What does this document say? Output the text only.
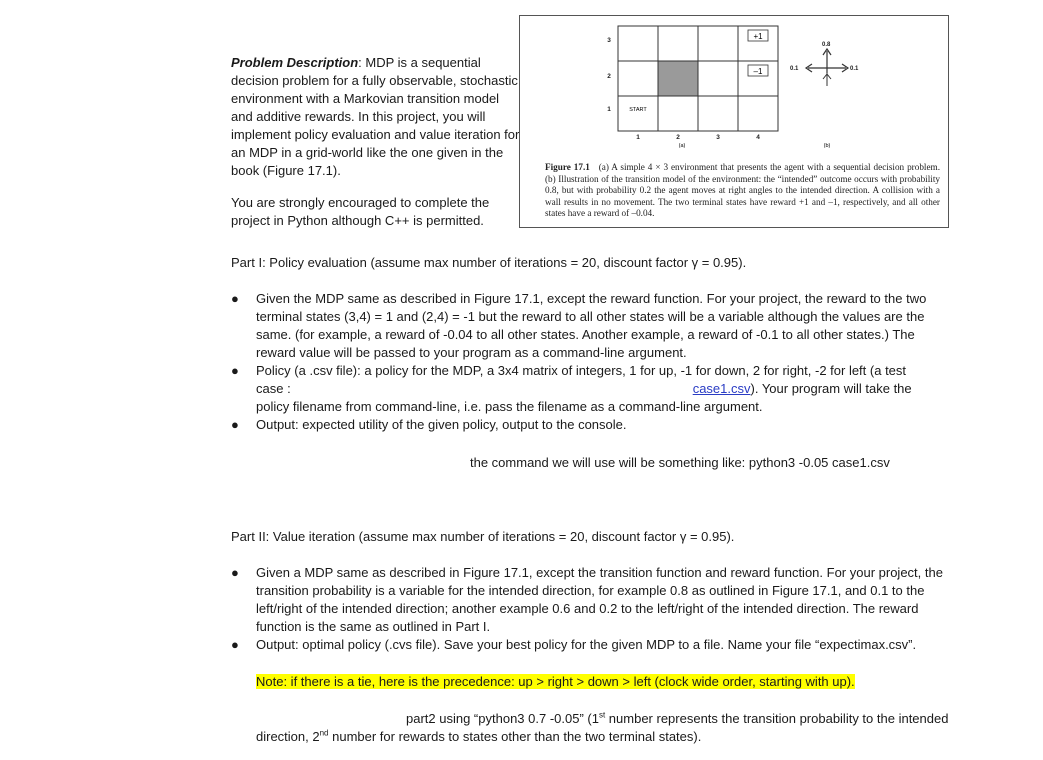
Problem Description: MDP is a sequential decision problem for a fully observable, stochastic environment with a Markovian transition model and additive rewards. In this project, you will implement policy evaluation and value iteration for an MDP in a grid-world like the one given in the book (Figure 17.1).

You are strongly encouraged to complete the project in Python although C++ is permitted.

+1
–1
START
3
2
1
1	2	3	4
(a)
0.8
0.1	0.1
(b)
Figure 17.1 (a) A simple 4 × 3 environment that presents the agent with a sequential decision problem. (b) Illustration of the transition model of the environment: the “intended” outcome occurs with probability 0.8, but with probability 0.2 the agent moves at right angles to the intended direction. A collision with a wall results in no movement. The two terminal states have reward +1 and –1, respectively, and all other states have a reward of –0.04.
Part I: Policy evaluation (assume max number of iterations = 20, discount factor γ = 0.95).
● Given the MDP same as described in Figure 17.1, except the reward function. For your project, the reward to the two terminal states (3,4) = 1 and (2,4) = -1 but the reward to all other states will be a variable although the values are the same. (for example, a reward of -0.04 to all other states. Another example, a reward of -0.1 to all other states.) The reward value will be passed to your program as a command-line argument.
● Policy (a .csv file): a policy for the MDP, a 3x4 matrix of integers, 1 for up, -1 for down, 2 for right, -2 for left (a test
case :	case1.csv). Your program will take the
policy filename from command-line, i.e. pass the filename as a command-line argument.
● Output: expected utility of the given policy, output to the console.
the command we will use will be something like: python3 -0.05 case1.csv
Part II: Value iteration (assume max number of iterations = 20, discount factor γ = 0.95).
● Given a MDP same as described in Figure 17.1, except the transition function and reward function. For your project, the transition probability is a variable for the intended direction, for example 0.8 as outlined in Figure 17.1, and 0.1 to the left/right of the intended direction; another example 0.6 and 0.2 to the left/right of the intended direction. The reward function is the same as outlined in Part I.
● Output: optimal policy (.cvs file). Save your best policy for the given MDP to a file. Name your file “expectimax.csv”.
Note: if there is a tie, here is the precedence: up > right > down > left (clock wide order, starting with up).
part2 using “python3 0.7 -0.05” (1st number represents the transition probability to the intended direction, 2nd number for rewards to states other than the two terminal states).
